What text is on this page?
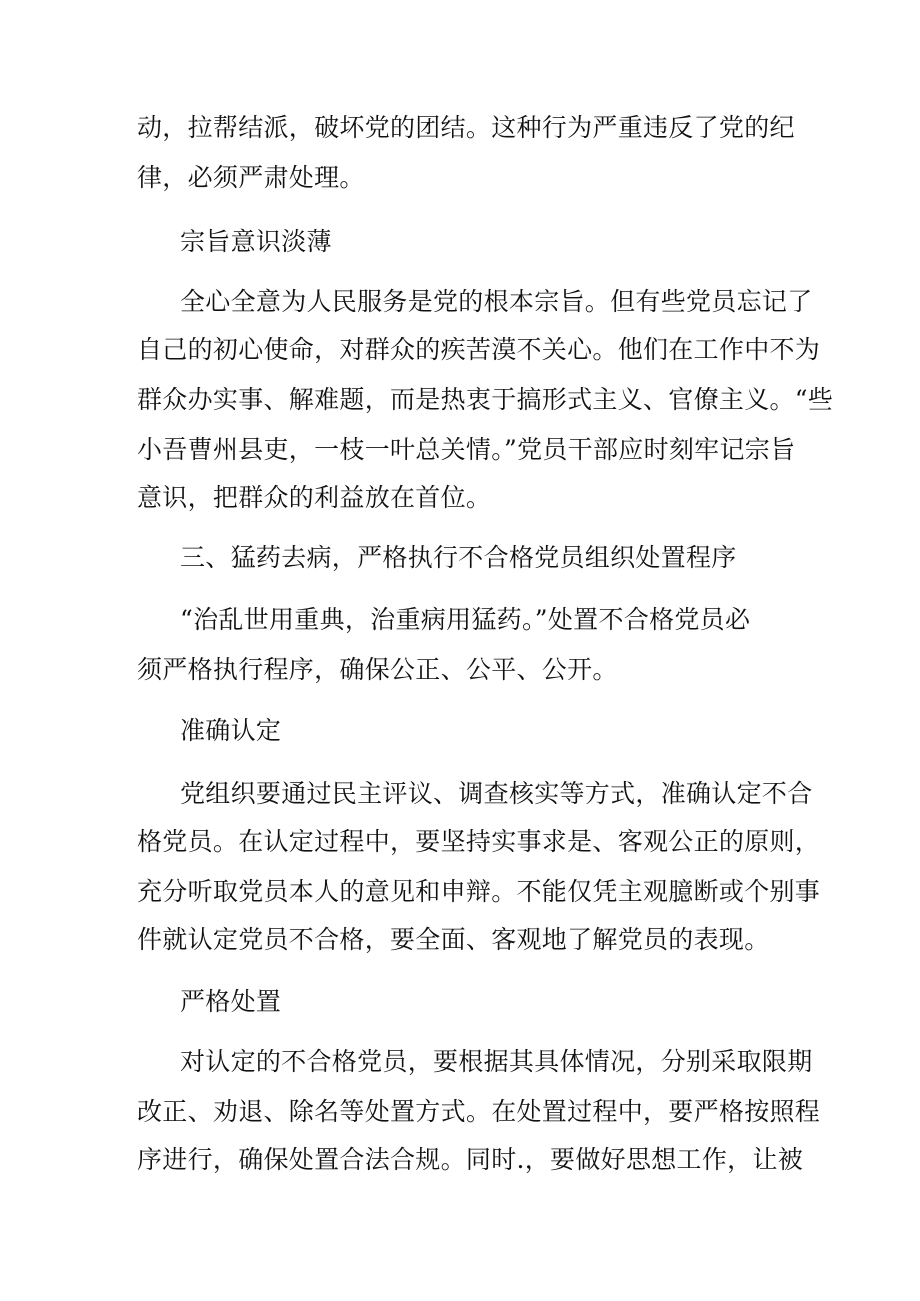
动，拉帮结派，破坏党的团结。这种行为严重违反了党的纪
律，必须严肃处理。
宗旨意识淡薄
全心全意为人民服务是党的根本宗旨。但有些党员忘记了
自己的初心使命，对群众的疾苦漠不关心。他们在工作中不为
群众办实事、解难题，而是热衷于搞形式主义、官僚主义。“些
小吾曹州县吏，一枝一叶总关情。”党员干部应时刻牢记宗旨
意识，把群众的利益放在首位。
三、猛药去病，严格执行不合格党员组织处置程序
“治乱世用重典，治重病用猛药。”处置不合格党员必
须严格执行程序，确保公正、公平、公开。
准确认定
党组织要通过民主评议、调查核实等方式，准确认定不合
格党员。在认定过程中，要坚持实事求是、客观公正的原则，
充分听取党员本人的意见和申辩。不能仅凭主观臆断或个别事
件就认定党员不合格，要全面、客观地了解党员的表现。
严格处置
对认定的不合格党员，要根据其具体情况，分别采取限期
改正、劝退、除名等处置方式。在处置过程中，要严格按照程
序进行，确保处置合法合规。同时.，要做好思想工作，让被
